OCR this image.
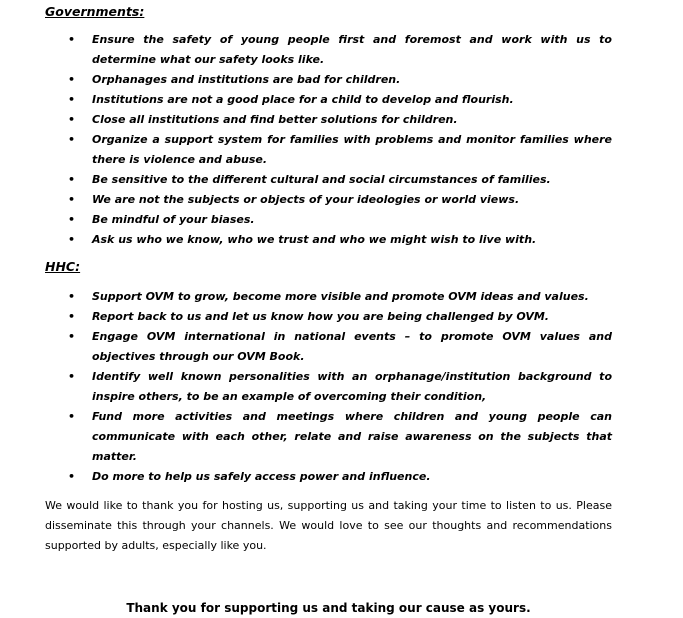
Governments:
Ensure the safety of young people first and foremost and work with us to determine what our safety looks like.
Orphanages and institutions are bad for children.
Institutions are not a good place for a child to develop and flourish.
Close all institutions and find better solutions for children.
Organize a support system for families with problems and monitor families where there is violence and abuse.
Be sensitive to the different cultural and social circumstances of families.
We are not the subjects or objects of your ideologies or world views.
Be mindful of your biases.
Ask us who we know, who we trust and who we might wish to live with.
HHC:
Support OVM to grow, become more visible and promote OVM ideas and values.
Report back to us and let us know how you are being challenged by OVM.
Engage OVM international in national events – to promote OVM values and objectives through our OVM Book.
Identify well known personalities with an orphanage/institution background to inspire others, to be an example of overcoming their condition,
Fund more activities and meetings where children and young people can communicate with each other, relate and raise awareness on the subjects that matter.
Do more to help us safely access power and influence.

We would like to thank you for hosting us, supporting us and taking your time to listen to us. Please disseminate this through your channels. We would love to see our thoughts and recommendations supported by adults, especially like you.

Thank you for supporting us and taking our cause as yours.
